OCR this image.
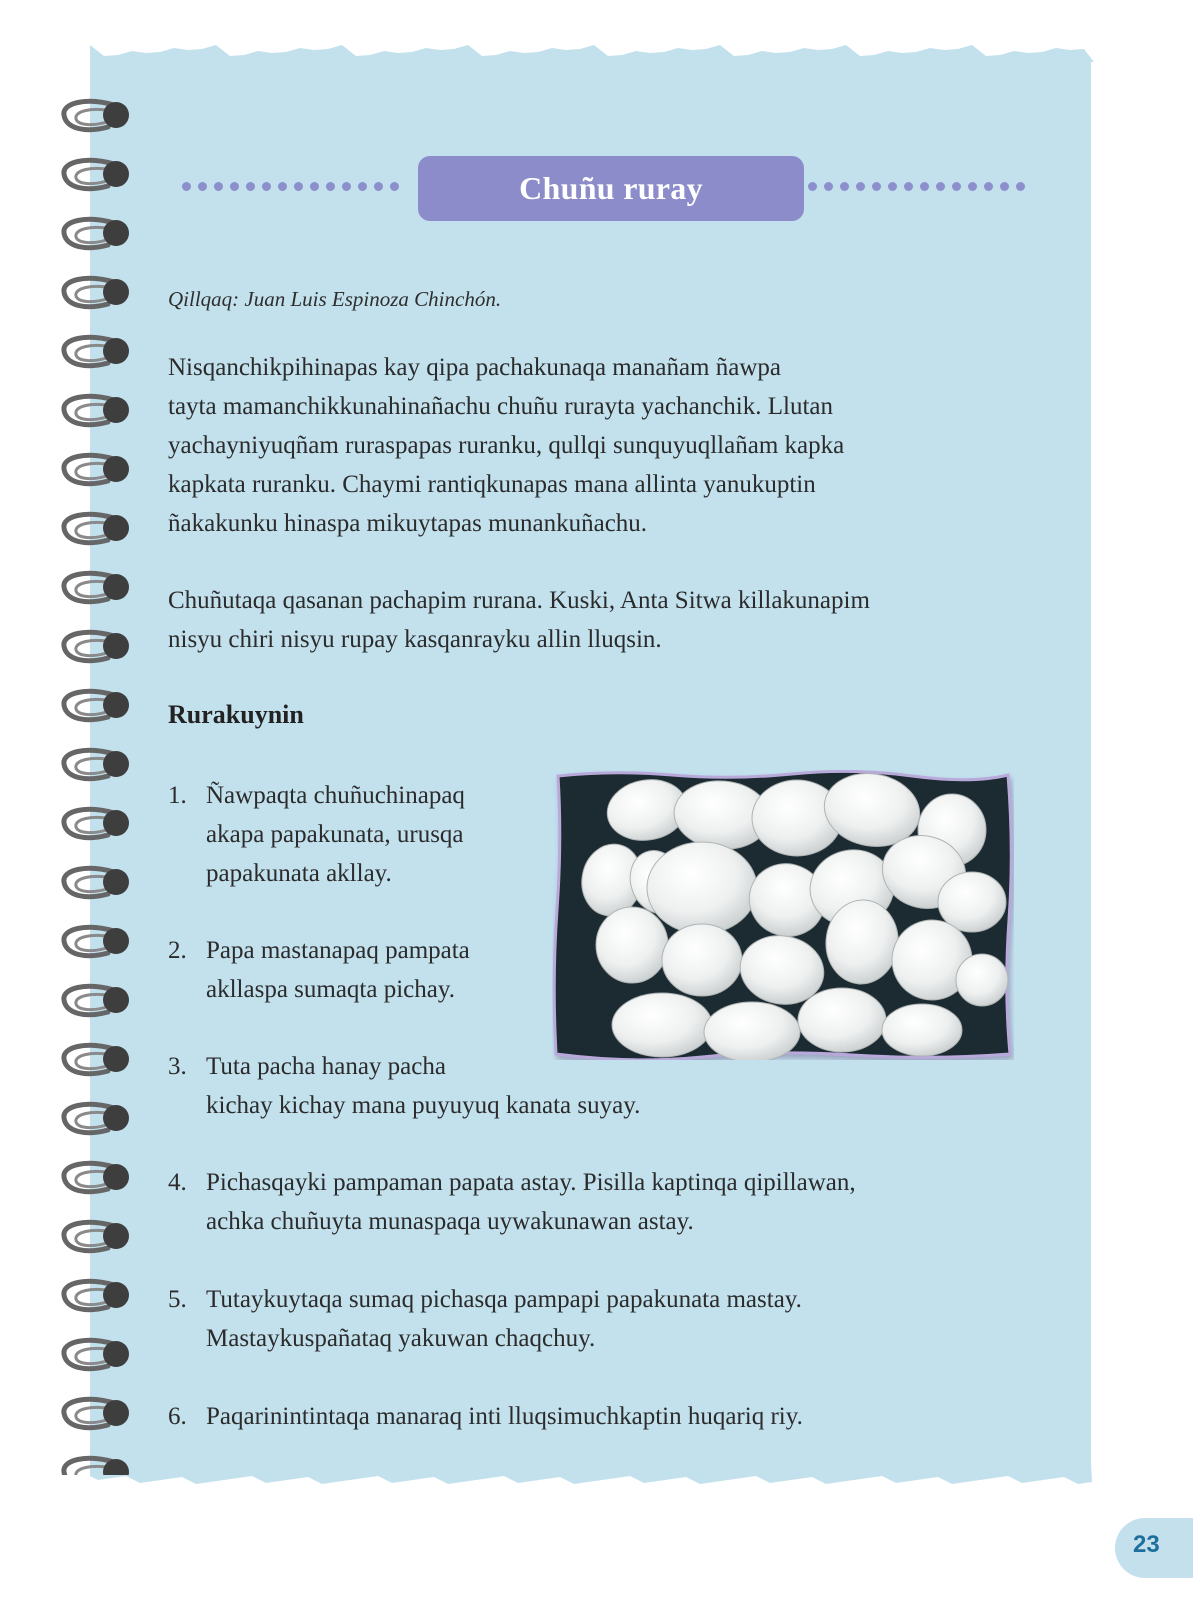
Chuñu ruray
Qillqaq: Juan Luis Espinoza Chinchón.

Nisqanchikpihinapas kay qipa pachakunaqa manañam ñawpa

tayta mamanchikkunahinañachu chuñu rurayta yachanchik. Llutan

yachayniyuqñam ruraspapas ruranku, qullqi sunquyuqllañam kapka

kapkata ruranku. Chaymi rantiqkunapas mana allinta yanukuptin

ñakakunku hinaspa mikuytapas munankuñachu.

Chuñutaqa qasanan pachapim rurana. Kuski, Anta Sitwa killakunapim

nisyu chiri nisyu rupay kasqanrayku allin lluqsin.

Rurakuynin
1. Ñawpaqta chuñuchinapaq

akapa papakunata, urusqa

papakunata akllay.

2. Papa mastanapaq pampata

akllaspa sumaqta pichay.

3. Tuta pacha hanay pacha

kichay kichay mana puyuyuq kanata suyay.

4. Pichasqayki pampaman papata astay. Pisilla kaptinqa qipillawan,

achka chuñuyta munaspaqa uywakunawan astay.

5. Tutaykuytaqa sumaq pichasqa pampapi papakunata mastay.

Mastaykuspañataq yakuwan chaqchuy.

6. Paqarinintintaqa manaraq inti lluqsimuchkaptin huqariq riy.

23
